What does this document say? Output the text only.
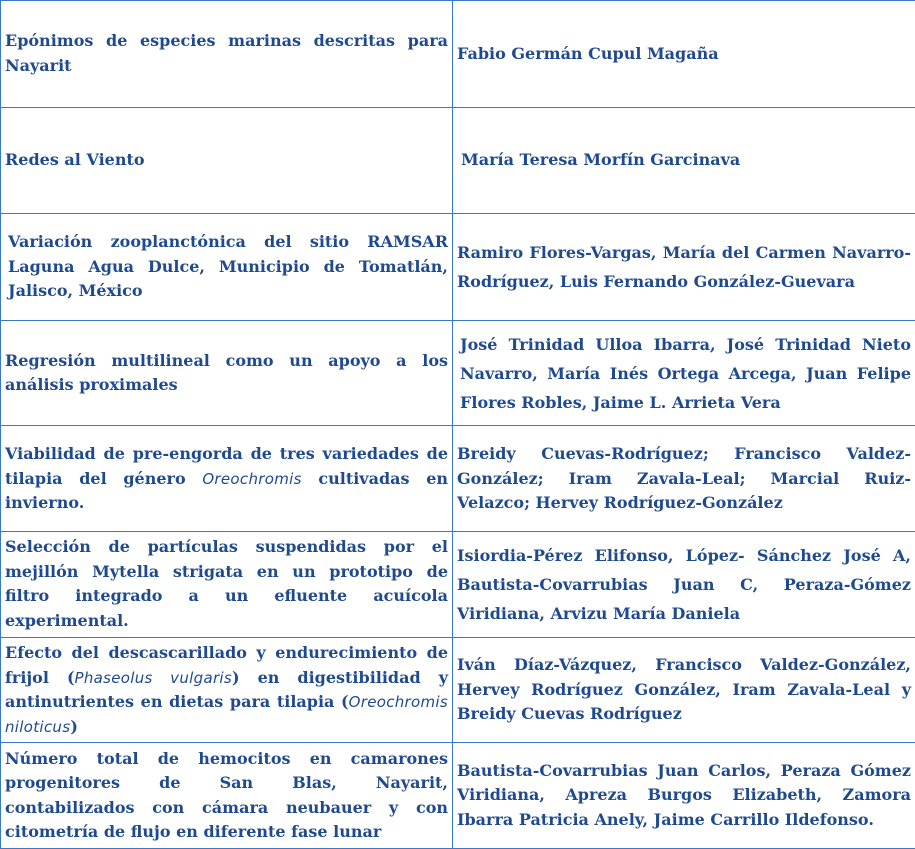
Epónimos de especies marinas descritas para Nayarit	Fabio Germán Cupul Magaña
Redes al Viento	María Teresa Morfín Garcinava
Variación zooplanctónica del sitio RAMSAR Laguna Agua Dulce, Municipio de Tomatlán, Jalisco, México	Ramiro Flores-Vargas, María del Carmen Navarro-Rodríguez, Luis Fernando González-Guevara
Regresión multilineal como un apoyo a los análisis proximales	José Trinidad Ulloa Ibarra, José Trinidad Nieto Navarro, María Inés Ortega Arcega, Juan Felipe Flores Robles, Jaime L. Arrieta Vera
Viabilidad de pre-engorda de tres variedades de tilapia del género Oreochromis cultivadas en invierno.	Breidy Cuevas-Rodríguez; Francisco Valdez-González; Iram Zavala-Leal; Marcial Ruiz- Velazco; Hervey Rodríguez-González
Selección de partículas suspendidas por el mejillón Mytella strigata en un prototipo de filtro integrado a un efluente acuícola experimental.	Isiordia-Pérez Elifonso, López- Sánchez José A, Bautista-Covarrubias Juan C, Peraza-Gómez Viridiana, Arvizu María Daniela
Efecto del descascarillado y endurecimiento de frijol (Phaseolus vulgaris) en digestibilidad y antinutrientes en dietas para tilapia (Oreochromis niloticus)	Iván Díaz-Vázquez, Francisco Valdez-González, Hervey Rodríguez González, Iram Zavala-Leal y Breidy Cuevas Rodríguez
Número total de hemocitos en camarones progenitores de San Blas, Nayarit, contabilizados con cámara neubauer y con citometría de flujo en diferente fase lunar	Bautista-Covarrubias Juan Carlos, Peraza Gómez Viridiana, Apreza Burgos Elizabeth, Zamora Ibarra Patricia Anely, Jaime Carrillo Ildefonso.
